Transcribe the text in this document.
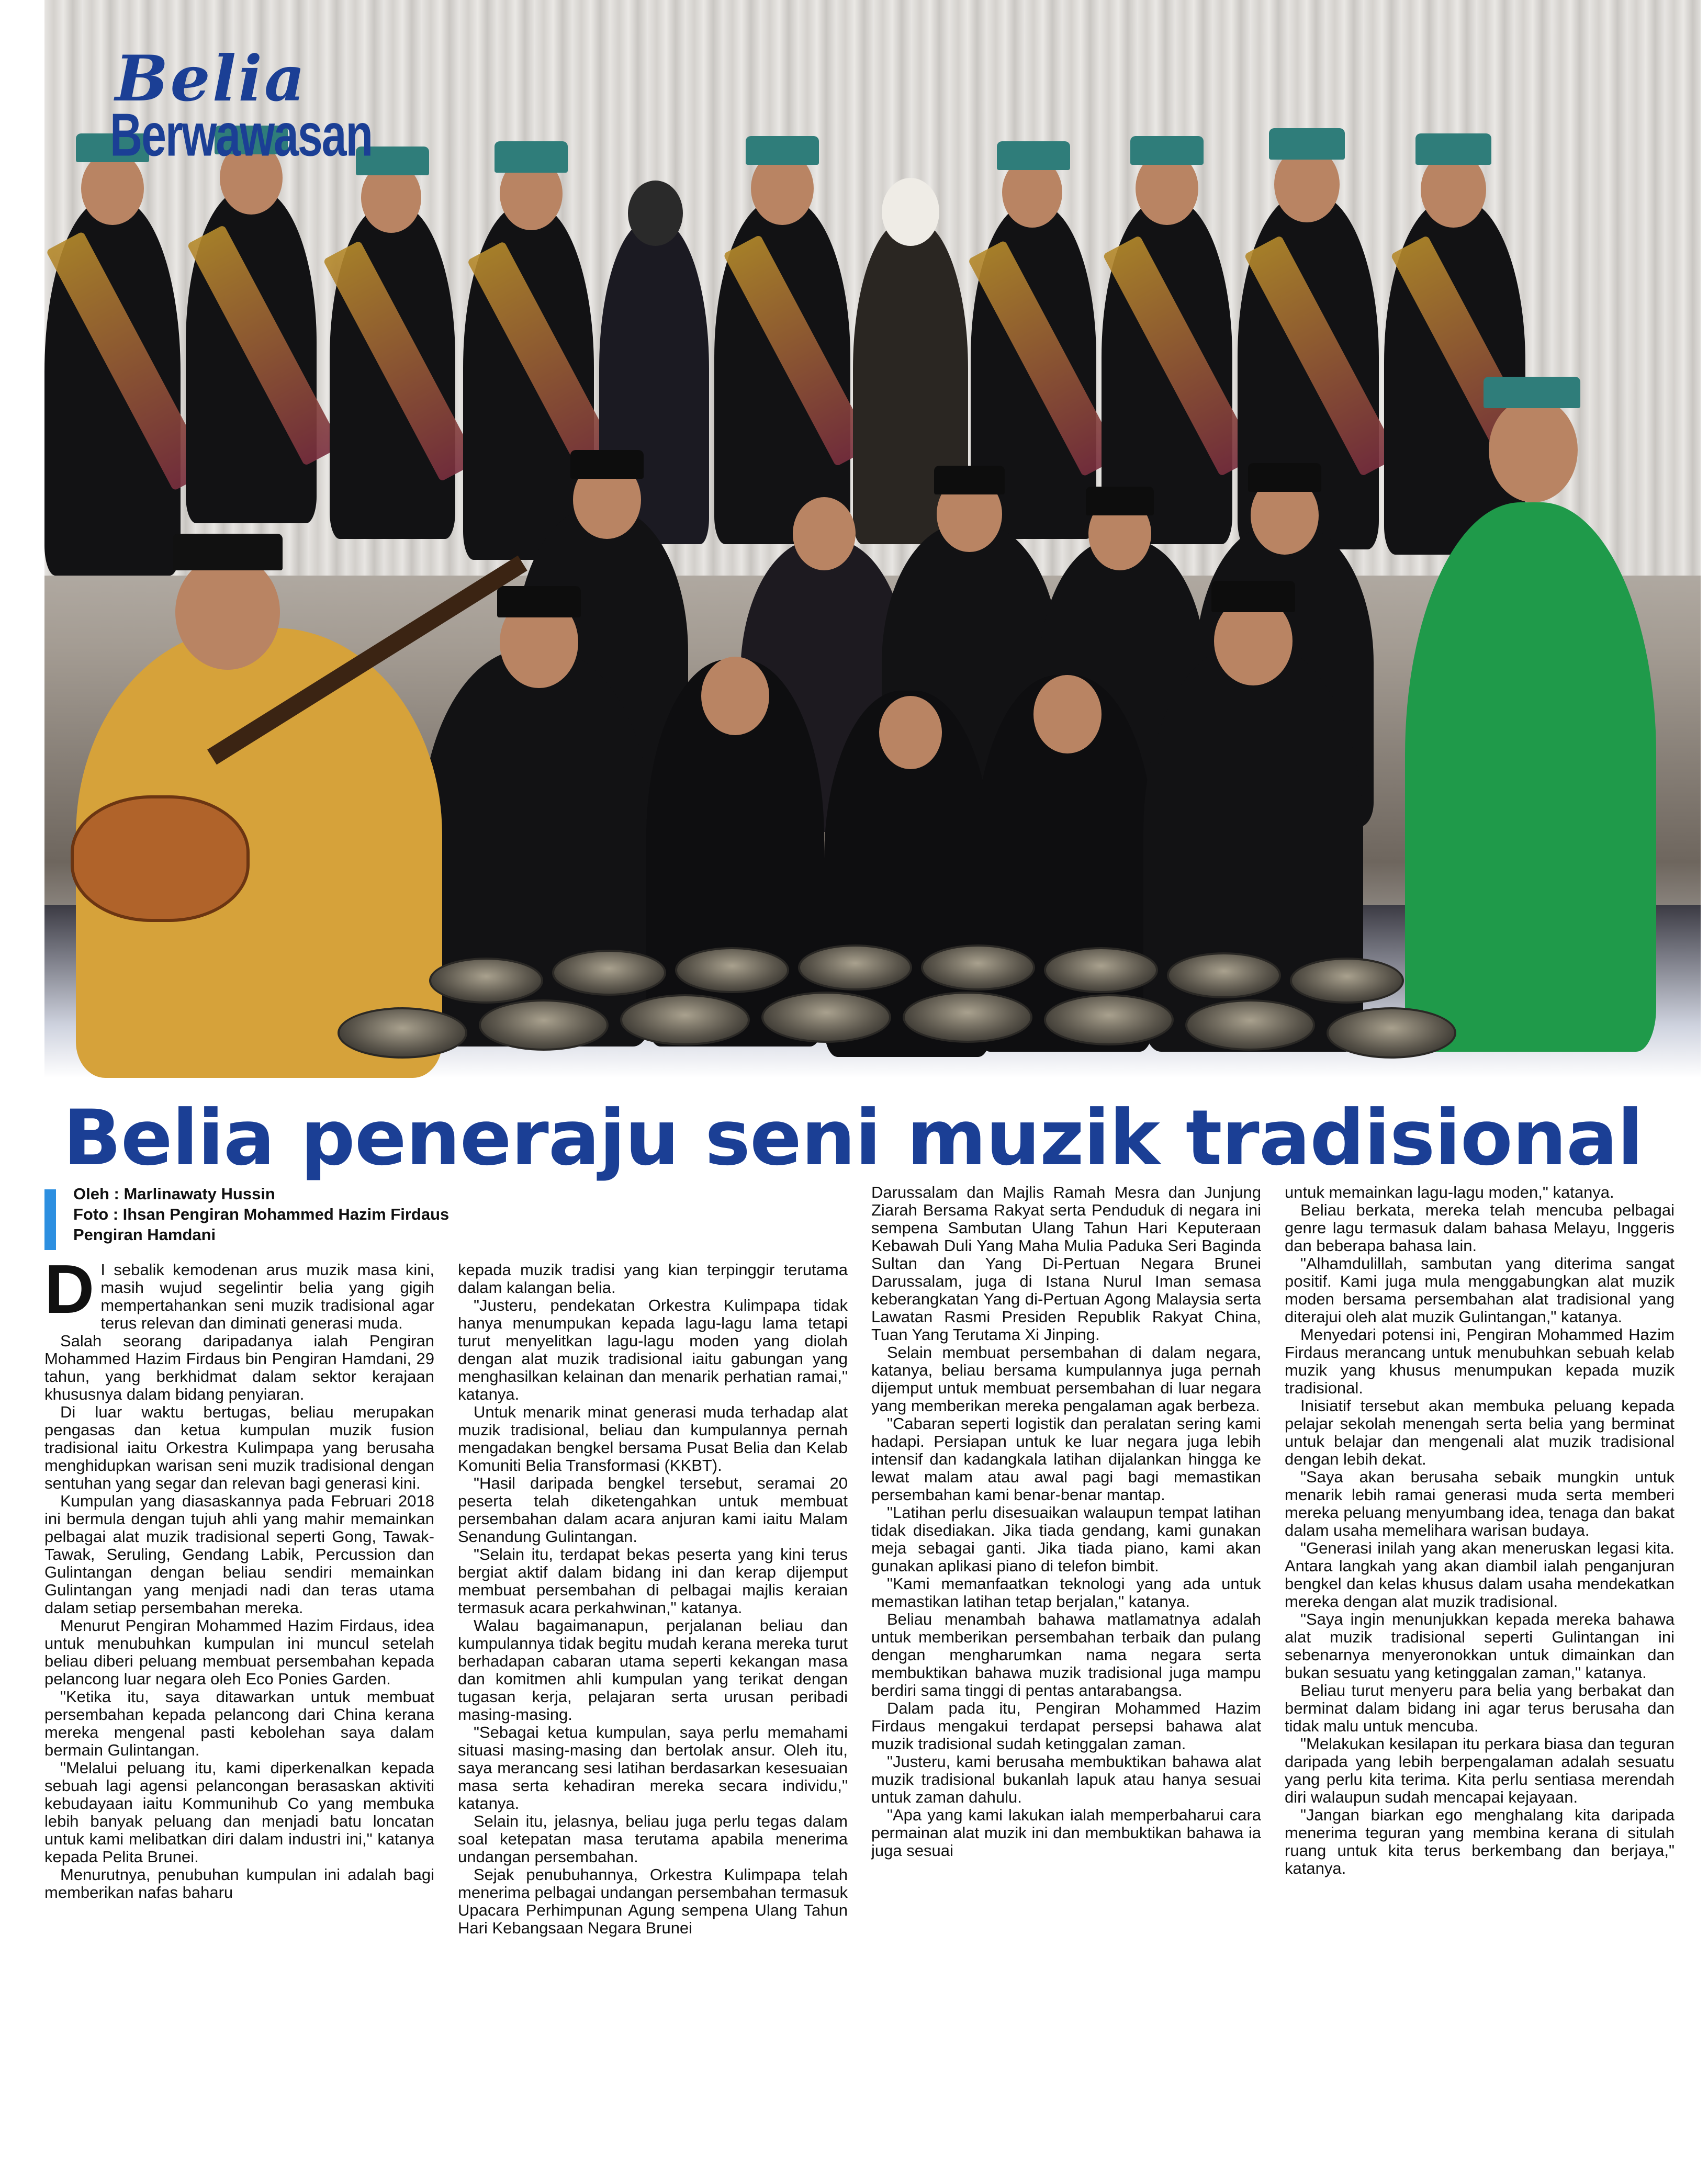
Belia
Berwawasan
Belia peneraju seni muzik tradisional
Oleh : Marlinawaty Hussin
Foto : Ihsan Pengiran Mohammed Hazim Firdaus
Pengiran Hamdani

D I sebalik kemodenan arus muzik masa kini, masih wujud segelintir belia yang gigih mempertahankan seni muzik tradisional agar terus relevan dan diminati generasi muda.

Salah seorang daripadanya ialah Pengiran Mohammed Hazim Firdaus bin Pengiran Hamdani, 29 tahun, yang berkhidmat dalam sektor kerajaan khususnya dalam bidang penyiaran.

Di luar waktu bertugas, beliau merupakan pengasas dan ketua kumpulan muzik fusion tradisional iaitu Orkestra Kulimpapa yang berusaha menghidupkan warisan seni muzik tradisional dengan sentuhan yang segar dan relevan bagi generasi kini.

Kumpulan yang diasaskannya pada Februari 2018 ini bermula dengan tujuh ahli yang mahir memainkan pelbagai alat muzik tradisional seperti Gong, Tawak-Tawak, Seruling, Gendang Labik, Percussion dan Gulintangan dengan beliau sendiri memainkan Gulintangan yang menjadi nadi dan teras utama dalam setiap persembahan mereka.

Menurut Pengiran Mohammed Hazim Firdaus, idea untuk menubuhkan kumpulan ini muncul setelah beliau diberi peluang membuat persembahan kepada pelancong luar negara oleh Eco Ponies Garden.

"Ketika itu, saya ditawarkan untuk membuat persembahan kepada pelancong dari China kerana mereka mengenal pasti kebolehan saya dalam bermain Gulintangan.

"Melalui peluang itu, kami diperkenalkan kepada sebuah lagi agensi pelancongan berasaskan aktiviti kebudayaan iaitu Kommunihub Co yang membuka lebih banyak peluang dan menjadi batu loncatan untuk kami melibatkan diri dalam industri ini," katanya kepada Pelita Brunei.

Menurutnya, penubuhan kumpulan ini adalah bagi memberikan nafas baharu

kepada muzik tradisi yang kian terpinggir terutama dalam kalangan belia.

"Justeru, pendekatan Orkestra Kulimpapa tidak hanya menumpukan kepada lagu-lagu lama tetapi turut menyelitkan lagu-lagu moden yang diolah dengan alat muzik tradisional iaitu gabungan yang menghasilkan kelainan dan menarik perhatian ramai," katanya.

Untuk menarik minat generasi muda terhadap alat muzik tradisional, beliau dan kumpulannya pernah mengadakan bengkel bersama Pusat Belia dan Kelab Komuniti Belia Transformasi (KKBT).

"Hasil daripada bengkel tersebut, seramai 20 peserta telah diketengahkan untuk membuat persembahan dalam acara anjuran kami iaitu Malam Senandung Gulintangan.

"Selain itu, terdapat bekas peserta yang kini terus bergiat aktif dalam bidang ini dan kerap dijemput membuat persembahan di pelbagai majlis keraian termasuk acara perkahwinan," katanya.

Walau bagaimanapun, perjalanan beliau dan kumpulannya tidak begitu mudah kerana mereka turut berhadapan cabaran utama seperti kekangan masa dan komitmen ahli kumpulan yang terikat dengan tugasan kerja, pelajaran serta urusan peribadi masing-masing.

"Sebagai ketua kumpulan, saya perlu memahami situasi masing-masing dan bertolak ansur. Oleh itu, saya merancang sesi latihan berdasarkan kesesuaian masa serta kehadiran mereka secara individu," katanya.

Selain itu, jelasnya, beliau juga perlu tegas dalam soal ketepatan masa terutama apabila menerima undangan persembahan.

Sejak penubuhannya, Orkestra Kulimpapa telah menerima pelbagai undangan persembahan termasuk Upacara Perhimpunan Agung sempena Ulang Tahun Hari Kebangsaan Negara Brunei

Darussalam dan Majlis Ramah Mesra dan Junjung Ziarah Bersama Rakyat serta Penduduk di negara ini sempena Sambutan Ulang Tahun Hari Keputeraan Kebawah Duli Yang Maha Mulia Paduka Seri Baginda Sultan dan Yang Di-Pertuan Negara Brunei Darussalam, juga di Istana Nurul Iman semasa keberangkatan Yang di-Pertuan Agong Malaysia serta Lawatan Rasmi Presiden Republik Rakyat China, Tuan Yang Terutama Xi Jinping.

Selain membuat persembahan di dalam negara, katanya, beliau bersama kumpulannya juga pernah dijemput untuk membuat persembahan di luar negara yang memberikan mereka pengalaman agak berbeza.

"Cabaran seperti logistik dan peralatan sering kami hadapi. Persiapan untuk ke luar negara juga lebih intensif dan kadangkala latihan dijalankan hingga ke lewat malam atau awal pagi bagi memastikan persembahan kami benar-benar mantap.

"Latihan perlu disesuaikan walaupun tempat latihan tidak disediakan. Jika tiada gendang, kami gunakan meja sebagai ganti. Jika tiada piano, kami akan gunakan aplikasi piano di telefon bimbit.

"Kami memanfaatkan teknologi yang ada untuk memastikan latihan tetap berjalan," katanya.

Beliau menambah bahawa matlamatnya adalah untuk memberikan persembahan terbaik dan pulang dengan mengharumkan nama negara serta membuktikan bahawa muzik tradisional juga mampu berdiri sama tinggi di pentas antarabangsa.

Dalam pada itu, Pengiran Mohammed Hazim Firdaus mengakui terdapat persepsi bahawa alat muzik tradisional sudah ketinggalan zaman.

"Justeru, kami berusaha membuktikan bahawa alat muzik tradisional bukanlah lapuk atau hanya sesuai untuk zaman dahulu.

"Apa yang kami lakukan ialah memperbaharui cara permainan alat muzik ini dan membuktikan bahawa ia juga sesuai

untuk memainkan lagu-lagu moden," katanya.

Beliau berkata, mereka telah mencuba pelbagai genre lagu termasuk dalam bahasa Melayu, Inggeris dan beberapa bahasa lain.

"Alhamdulillah, sambutan yang diterima sangat positif. Kami juga mula menggabungkan alat muzik moden bersama persembahan alat tradisional yang diterajui oleh alat muzik Gulintangan," katanya.

Menyedari potensi ini, Pengiran Mohammed Hazim Firdaus merancang untuk menubuhkan sebuah kelab muzik yang khusus menumpukan kepada muzik tradisional.

Inisiatif tersebut akan membuka peluang kepada pelajar sekolah menengah serta belia yang berminat untuk belajar dan mengenali alat muzik tradisional dengan lebih dekat.

"Saya akan berusaha sebaik mungkin untuk menarik lebih ramai generasi muda serta memberi mereka peluang menyumbang idea, tenaga dan bakat dalam usaha memelihara warisan budaya.

"Generasi inilah yang akan meneruskan legasi kita. Antara langkah yang akan diambil ialah penganjuran bengkel dan kelas khusus dalam usaha mendekatkan mereka dengan alat muzik tradisional.

"Saya ingin menunjukkan kepada mereka bahawa alat muzik tradisional seperti Gulintangan ini sebenarnya menyeronokkan untuk dimainkan dan bukan sesuatu yang ketinggalan zaman," katanya.

Beliau turut menyeru para belia yang berbakat dan berminat dalam bidang ini agar terus berusaha dan tidak malu untuk mencuba.

"Melakukan kesilapan itu perkara biasa dan teguran daripada yang lebih berpengalaman adalah sesuatu yang perlu kita terima. Kita perlu sentiasa merendah diri walaupun sudah mencapai kejayaan.

"Jangan biarkan ego menghalang kita daripada menerima teguran yang membina kerana di situlah ruang untuk kita terus berkembang dan berjaya," katanya.
